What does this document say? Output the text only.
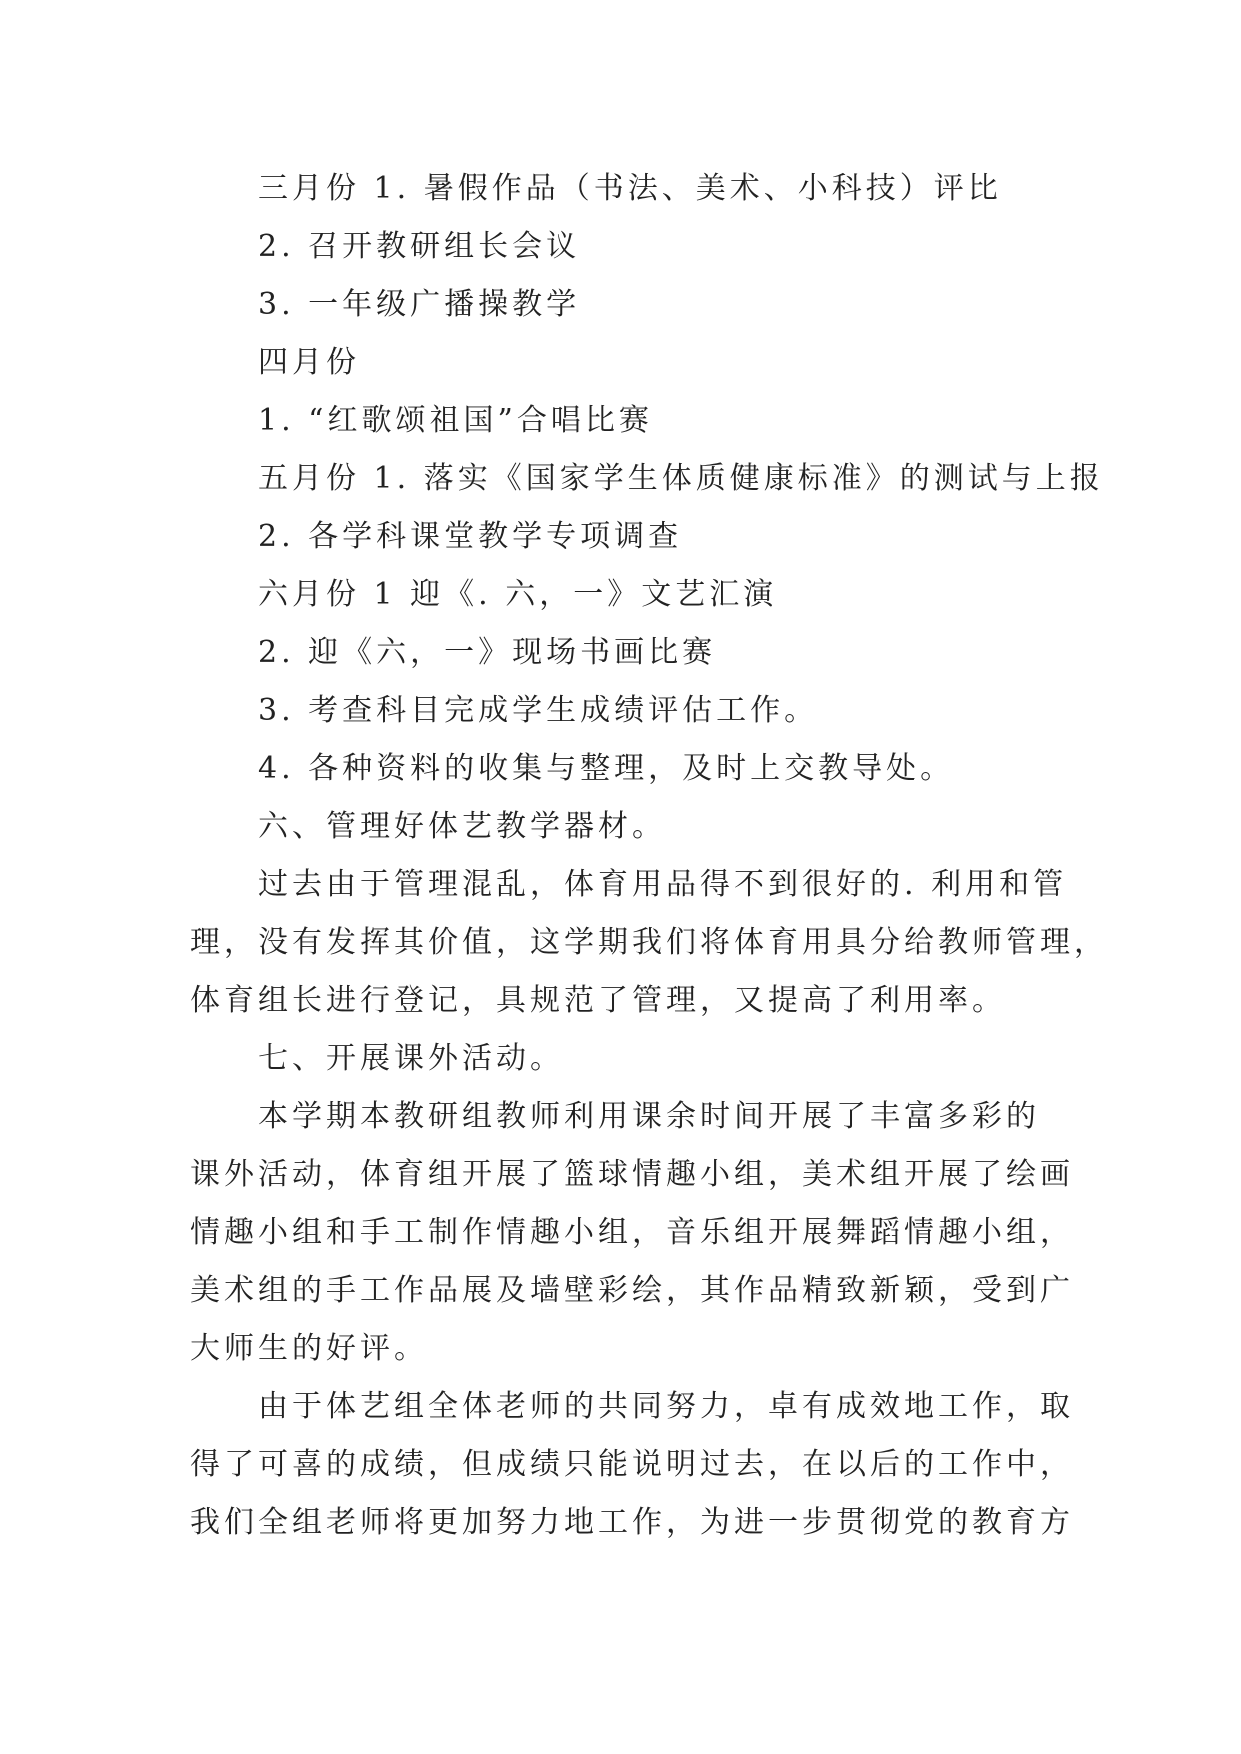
三月份 1. 暑假作品（书法、美术、小科技）评比
2. 召开教研组长会议
3. 一年级广播操教学
四月份
1. “红歌颂祖国”合唱比赛
五月份 1. 落实《国家学生体质健康标准》的测试与上报
2. 各学科课堂教学专项调查
六月份 1 迎《. 六，一》文艺汇演
2. 迎《六，一》现场书画比赛
3. 考查科目完成学生成绩评估工作。
4. 各种资料的收集与整理，及时上交教导处。
六、管理好体艺教学器材。
过去由于管理混乱，体育用品得不到很好的. 利用和管
理，没有发挥其价值，这学期我们将体育用具分给教师管理，
体育组长进行登记，具规范了管理，又提高了利用率。
七、开展课外活动。
本学期本教研组教师利用课余时间开展了丰富多彩的
课外活动，体育组开展了篮球情趣小组，美术组开展了绘画
情趣小组和手工制作情趣小组，音乐组开展舞蹈情趣小组，
美术组的手工作品展及墙壁彩绘，其作品精致新颖，受到广
大师生的好评。
由于体艺组全体老师的共同努力，卓有成效地工作，取
得了可喜的成绩，但成绩只能说明过去，在以后的工作中，
我们全组老师将更加努力地工作，为进一步贯彻党的教育方
